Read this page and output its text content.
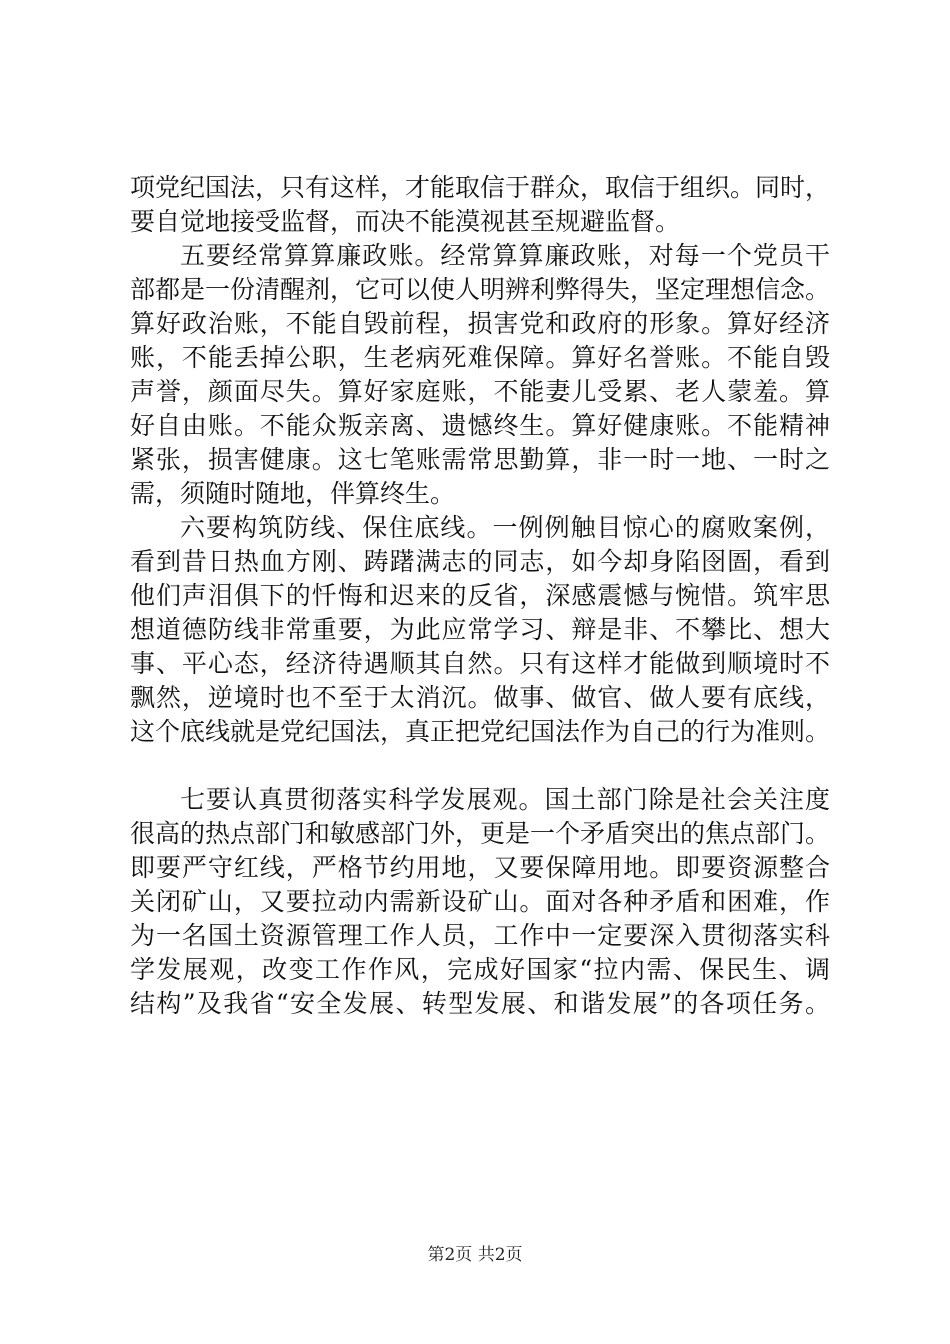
项党纪国法，只有这样，才能取信于群众，取信于组织。同时，
要自觉地接受监督，而决不能漠视甚至规避监督。
五要经常算算廉政账。经常算算廉政账，对每一个党员干
部都是一份清醒剂，它可以使人明辨利弊得失，坚定理想信念。
算好政治账，不能自毁前程，损害党和政府的形象。算好经济
账，不能丢掉公职，生老病死难保障。算好名誉账。不能自毁
声誉，颜面尽失。算好家庭账，不能妻儿受累、老人蒙羞。算
好自由账。不能众叛亲离、遗憾终生。算好健康账。不能精神
紧张，损害健康。这七笔账需常思勤算，非一时一地、一时之
需，须随时随地，伴算终生。
六要构筑防线、保住底线。一例例触目惊心的腐败案例，
看到昔日热血方刚、踌躇满志的同志，如今却身陷囹圄，看到
他们声泪俱下的忏悔和迟来的反省，深感震憾与惋惜。筑牢思
想道德防线非常重要，为此应常学习、辩是非、不攀比、想大
事、平心态，经济待遇顺其自然。只有这样才能做到顺境时不
飘然，逆境时也不至于太消沉。做事、做官、做人要有底线，
这个底线就是党纪国法，真正把党纪国法作为自己的行为准则。
七要认真贯彻落实科学发展观。国土部门除是社会关注度
很高的热点部门和敏感部门外，更是一个矛盾突出的焦点部门。
即要严守红线，严格节约用地，又要保障用地。即要资源整合
关闭矿山，又要拉动内需新设矿山。面对各种矛盾和困难，作
为一名国土资源管理工作人员，工作中一定要深入贯彻落实科
学发展观，改变工作作风，完成好国家“拉内需、保民生、调
结构”及我省“安全发展、转型发展、和谐发展”的各项任务。
第2页 共2页
